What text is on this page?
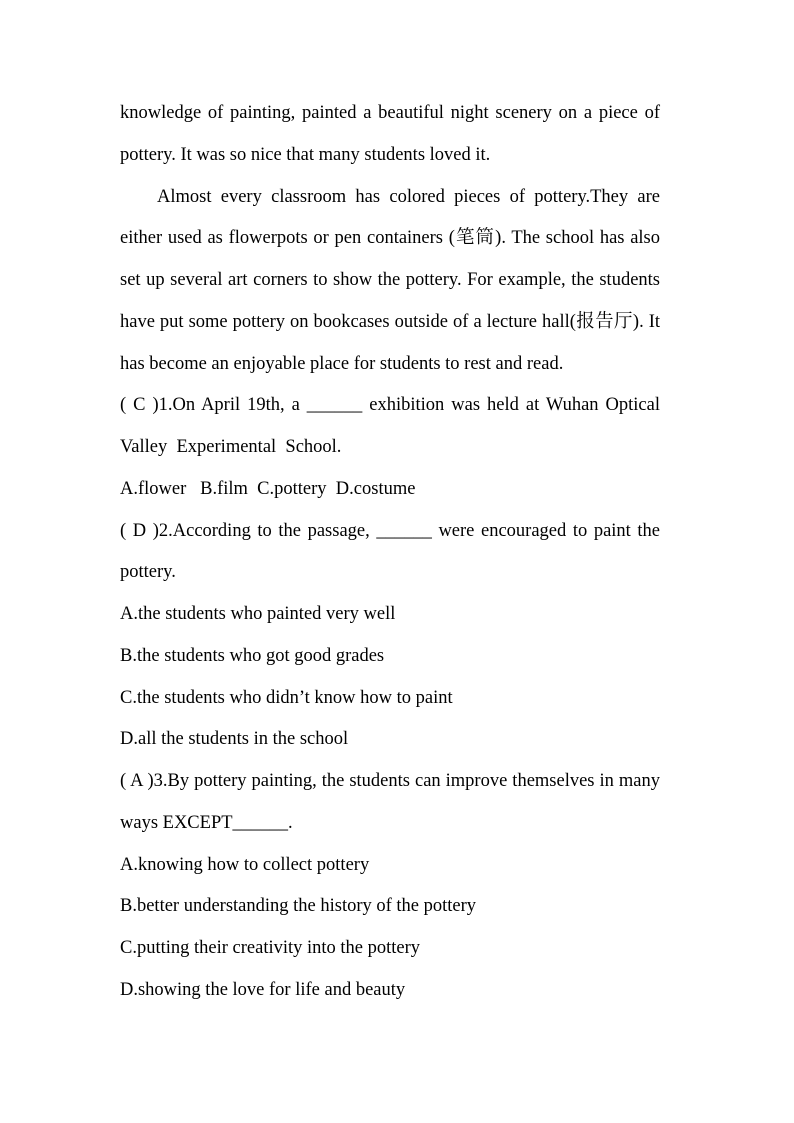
knowledge of painting, painted a beautiful night scenery on a piece of
pottery. It was so nice that many students loved it.
Almost every classroom has colored pieces of pottery.They are
either used as flowerpots or pen containers (笔筒). The school has also
set up several art corners to show the pottery. For example, the students
have put some pottery on bookcases outside of a lecture hall(报告厅). It
has become an enjoyable place for students to rest and read.
( C )1.On April 19th, a ______ exhibition was held at Wuhan Optical
Valley  Experimental  School.
A.flower   B.film  C.pottery  D.costume
( D )2.According to the passage, ______ were encouraged to paint the
pottery.
A.the students who painted very well
B.the students who got good grades
C.the students who didn’t know how to paint
D.all the students in the school
( A )3.By pottery painting, the students can improve themselves in many
ways EXCEPT______.
A.knowing how to collect pottery
B.better understanding the history of the pottery
C.putting their creativity into the pottery
D.showing the love for life and beauty
